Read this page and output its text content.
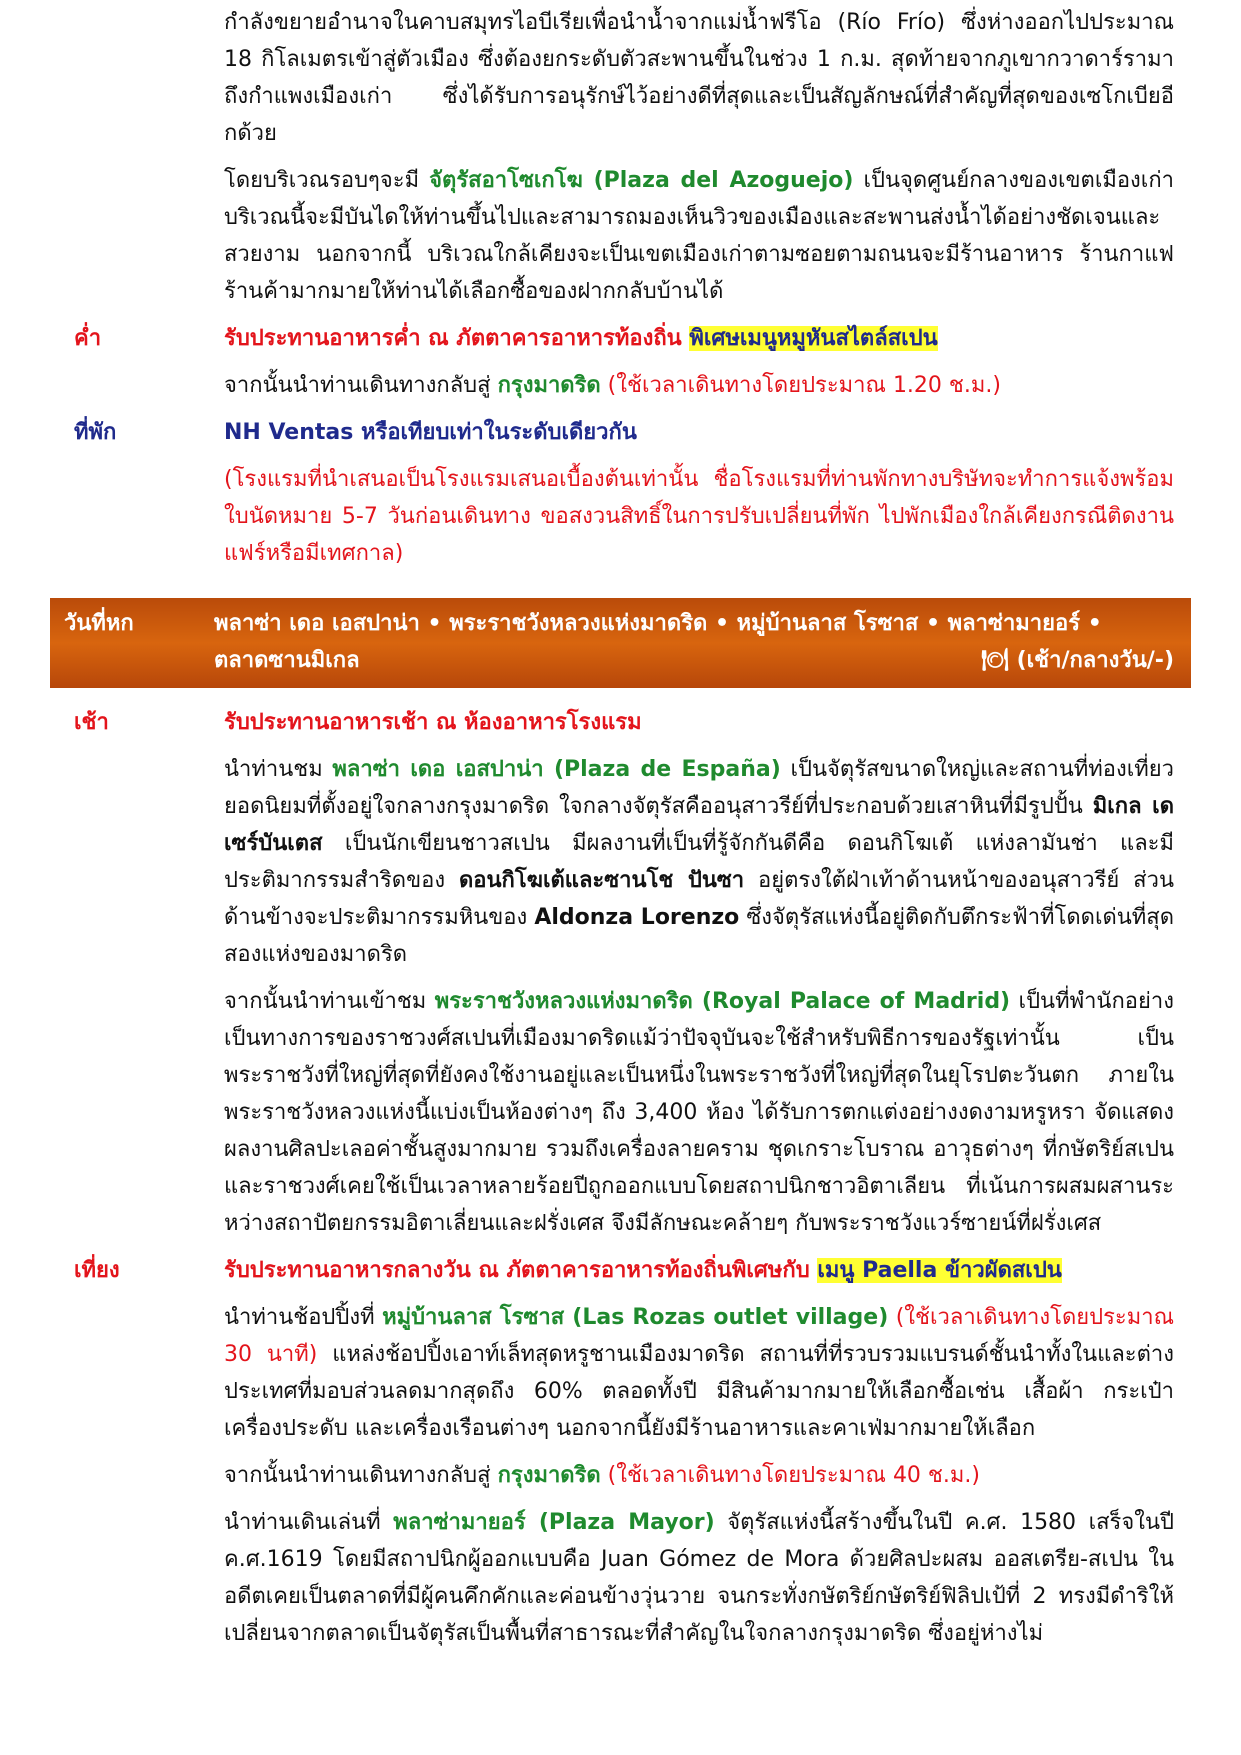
กำลังขยายอำนาจในคาบสมุทรไอบีเรียเพื่อนำน้ำจากแม่น้ำฟรีโอ (Río Frío) ซึ่งห่างออกไปประมาณ 18 กิโลเมตรเข้าสู่ตัวเมือง ซึ่งต้องยกระดับตัวสะพานขึ้นในช่วง 1 ก.ม. สุดท้ายจากภูเขากวาดาร์รามาถึงกำแพงเมืองเก่า ซึ่งได้รับการอนุรักษ์ไว้อย่างดีที่สุดและเป็นสัญลักษณ์ที่สำคัญที่สุดของเซโกเบียอีกด้วย

โดยบริเวณรอบๆจะมี จัตุรัสอาโซเกโฆ (Plaza del Azoguejo) เป็นจุดศูนย์กลางของเขตเมืองเก่า บริเวณนี้จะมีบันไดให้ท่านขึ้นไปและสามารถมองเห็นวิวของเมืองและสะพานส่งน้ำได้อย่างชัดเจนและสวยงาม นอกจากนี้ บริเวณใกล้เคียงจะเป็นเขตเมืองเก่าตามซอยตามถนนจะมีร้านอาหาร ร้านกาแฟ ร้านค้ามากมายให้ท่านได้เลือกซื้อของฝากกลับบ้านได้

ค่ำ	รับประทานอาหารค่ำ ณ ภัตตาคารอาหารท้องถิ่น พิเศษเมนูหมูหันสไตล์สเปน

จากนั้นนำท่านเดินทางกลับสู่ กรุงมาดริด (ใช้เวลาเดินทางโดยประมาณ 1.20 ช.ม.)

ที่พัก	NH Ventas หรือเทียบเท่าในระดับเดียวกัน

(โรงแรมที่นำเสนอเป็นโรงแรมเสนอเบื้องต้นเท่านั้น ชื่อโรงแรมที่ท่านพักทางบริษัทจะทำการแจ้งพร้อมใบนัดหมาย 5-7 วันก่อนเดินทาง ขอสงวนสิทธิ์ในการปรับเปลี่ยนที่พัก ไปพักเมืองใกล้เคียงกรณีติดงานแฟร์หรือมีเทศกาล)

วันที่หก	พลาซ่า เดอ เอสปาน่า • พระราชวังหลวงแห่งมาดริด • หมู่บ้านลาส โรซาส • พลาซ่ามายอร์ •
ตลาดซานมิเกล	🍽 (เช้า/กลางวัน/-)
เช้า	รับประทานอาหารเช้า ณ ห้องอาหารโรงแรม

นำท่านชม พลาซ่า เดอ เอสปาน่า (Plaza de España) เป็นจัตุรัสขนาดใหญ่และสถานที่ท่องเที่ยวยอดนิยมที่ตั้งอยู่ใจกลางกรุงมาดริด ใจกลางจัตุรัสคืออนุสาวรีย์ที่ประกอบด้วยเสาหินที่มีรูปปั้น มิเกล เด เซร์บันเตส เป็นนักเขียนชาวสเปน มีผลงานที่เป็นที่รู้จักกันดีคือ ดอนกิโฆเต้ แห่งลามันช่า และมีประติมากรรมสำริดของ ดอนกิโฆเต้และซานโช ปันซา อยู่ตรงใต้ฝ่าเท้าด้านหน้าของอนุสาวรีย์ ส่วนด้านข้างจะประติมากรรมหินของ Aldonza Lorenzo ซึ่งจัตุรัสแห่งนี้อยู่ติดกับตึกระฟ้าที่โดดเด่นที่สุดสองแห่งของมาดริด

จากนั้นนำท่านเข้าชม พระราชวังหลวงแห่งมาดริด (Royal Palace of Madrid) เป็นที่พำนักอย่างเป็นทางการของราชวงศ์สเปนที่เมืองมาดริดแม้ว่าปัจจุบันจะใช้สำหรับพิธีการของรัฐเท่านั้น เป็นพระราชวังที่ใหญ่ที่สุดที่ยังคงใช้งานอยู่และเป็นหนึ่งในพระราชวังที่ใหญ่ที่สุดในยุโรปตะวันตก ภายในพระราชวังหลวงแห่งนี้แบ่งเป็นห้องต่างๆ ถึง 3,400 ห้อง ได้รับการตกแต่งอย่างงดงามหรูหรา จัดแสดงผลงานศิลปะเลอค่าชั้นสูงมากมาย รวมถึงเครื่องลายคราม ชุดเกราะโบราณ อาวุธต่างๆ ที่กษัตริย์สเปนและราชวงศ์เคยใช้เป็นเวลาหลายร้อยปีถูกออกแบบโดยสถาปนิกชาวอิตาเลียน ที่เน้นการผสมผสานระหว่างสถาปัตยกรรมอิตาเลี่ยนและฝรั่งเศส จึงมีลักษณะคล้ายๆ กับพระราชวังแวร์ซายน์ที่ฝรั่งเศส

เที่ยง	รับประทานอาหารกลางวัน ณ ภัตตาคารอาหารท้องถิ่นพิเศษกับ เมนู Paella ข้าวผัดสเปน

นำท่านช้อปปิ้งที่ หมู่บ้านลาส โรซาส (Las Rozas outlet village) (ใช้เวลาเดินทางโดยประมาณ 30 นาที) แหล่งช้อปปิ้งเอาท์เล็ทสุดหรูชานเมืองมาดริด สถานที่ที่รวบรวมแบรนด์ชั้นนำทั้งในและต่างประเทศที่มอบส่วนลดมากสุดถึง 60% ตลอดทั้งปี มีสินค้ามากมายให้เลือกซื้อเช่น เสื้อผ้า กระเป๋า เครื่องประดับ และเครื่องเรือนต่างๆ นอกจากนี้ยังมีร้านอาหารและคาเฟ่มากมายให้เลือก

จากนั้นนำท่านเดินทางกลับสู่ กรุงมาดริด (ใช้เวลาเดินทางโดยประมาณ 40 ช.ม.)

นำท่านเดินเล่นที่ พลาซ่ามายอร์ (Plaza Mayor) จัตุรัสแห่งนี้สร้างขึ้นในปี ค.ศ. 1580 เสร็จในปี ค.ศ.1619 โดยมีสถาปนิกผู้ออกแบบคือ Juan Gómez de Mora ด้วยศิลปะผสม ออสเตรีย-สเปน ในอดีตเคยเป็นตลาดที่มีผู้คนคึกคักและค่อนข้างวุ่นวาย จนกระทั่งกษัตริย์กษัตริย์ฟิลิปเป้ที่ 2 ทรงมีดำริให้เปลี่ยนจากตลาดเป็นจัตุรัสเป็นพื้นที่สาธารณะที่สำคัญในใจกลางกรุงมาดริด ซึ่งอยู่ห่างไม่
